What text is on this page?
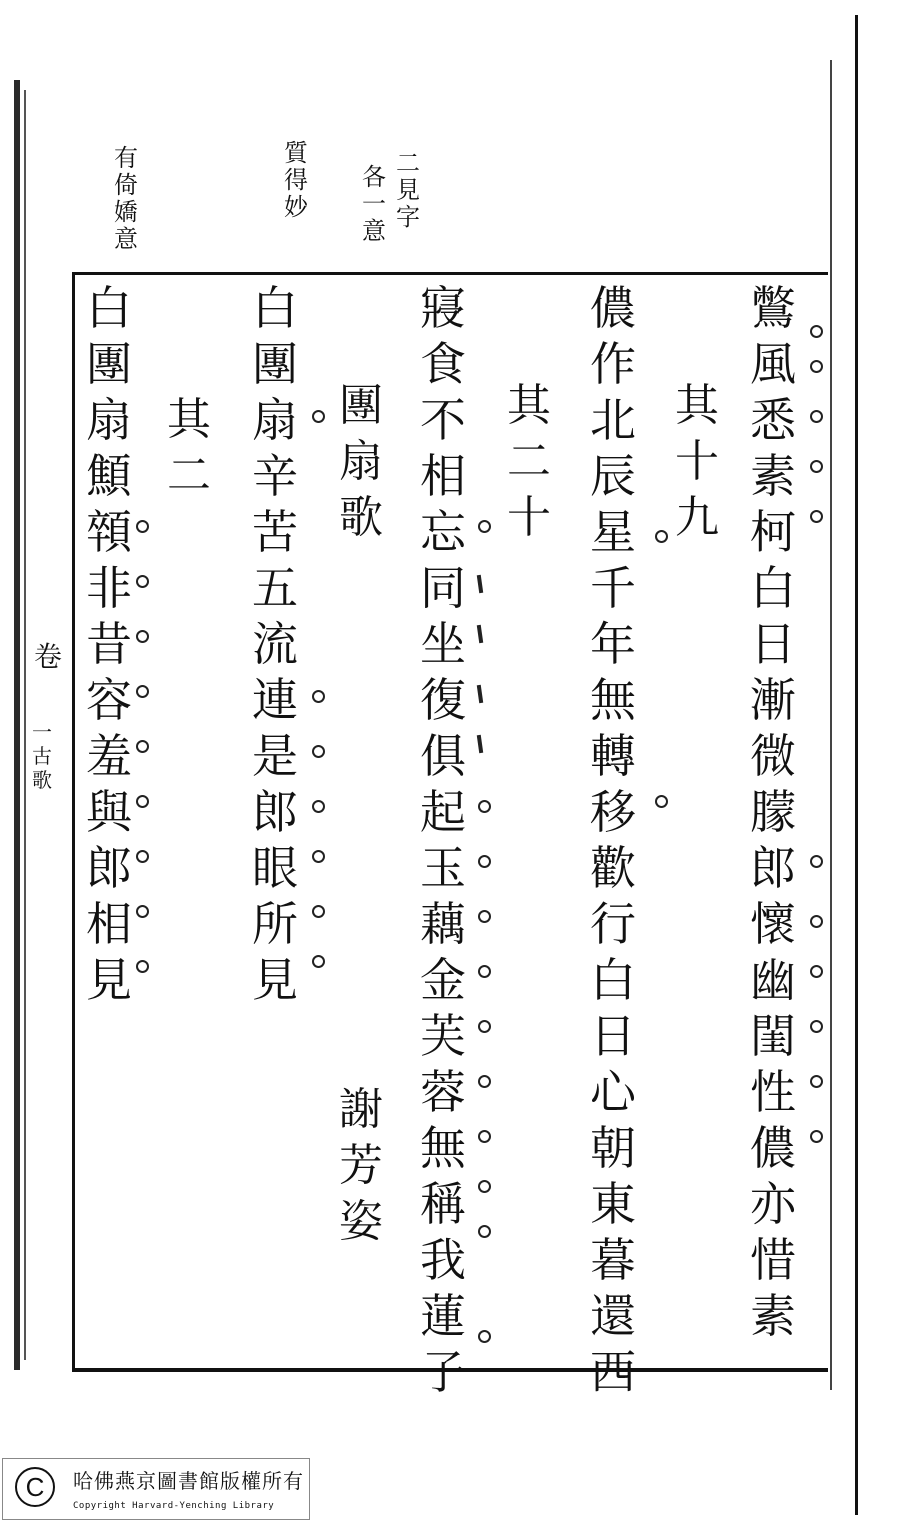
二
見
字
各
一
意
質
得
妙
有
倚
嬌
意
鷩
風
悉
素
柯
白
日
漸
微
朦
郎
懷
幽
閨
性
儂
亦
惜
素
其
十
九
儂
作
北
辰
星
千
年
無
轉
移
歡
行
白
日
心
朝
東
暮
還
西
其
二
十
寢
食
不
相
忘
同
坐
復
俱
起
玉
藕
金
芙
蓉
無
稱
我
蓮
子
團
扇
歌
謝
芳
姿
白
團
扇
辛
苦
五
流
連
是
郎
眼
所
見
其
二
白
團
扇
顦
顇
非
昔
容
羞
與
郎
相
見
卷
一
古
歌
C	哈佛燕京圖書館版權所有
Copyright Harvard-Yenching Library
